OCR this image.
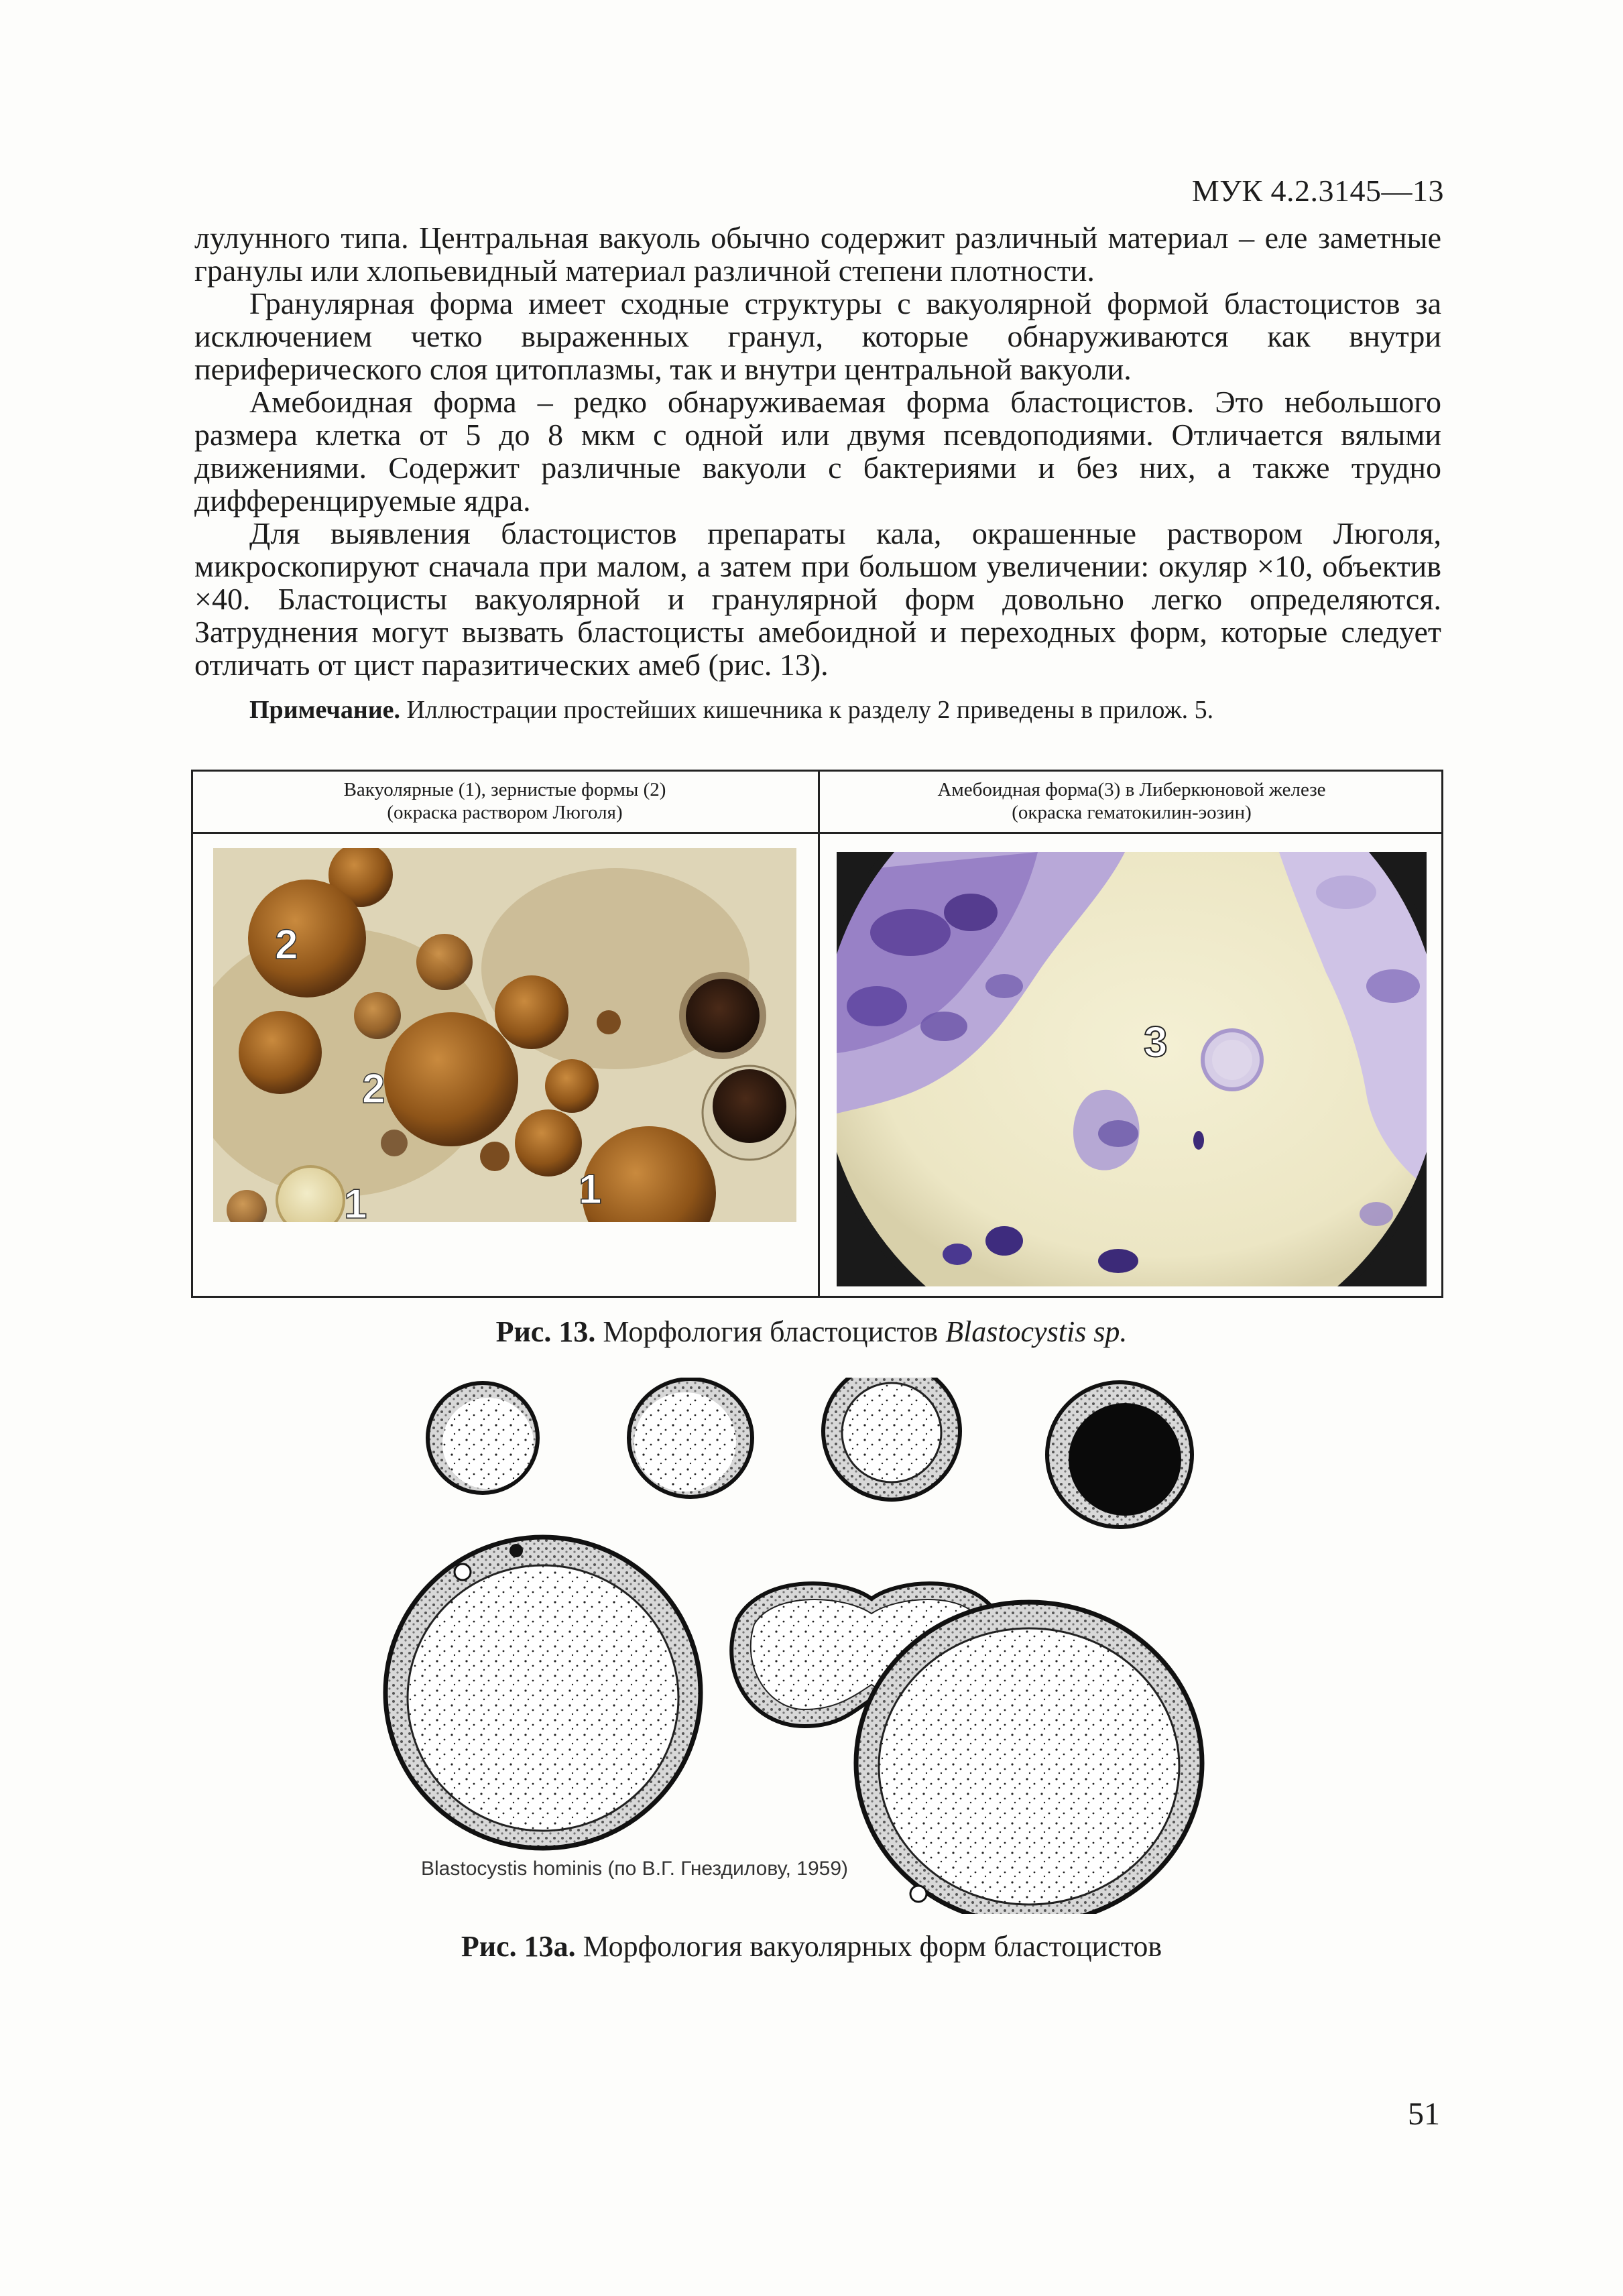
МУК 4.2.3145—13

лулунного типа. Центральная вакуоль обычно содержит различный материал – еле заметные гранулы или хлопьевидный материал различной степени плотности.

Гранулярная форма имеет сходные структуры с вакуолярной формой бластоцистов за исключением четко выраженных гранул, которые обнаруживаются как внутри периферического слоя цитоплазмы, так и внутри центральной вакуоли.

Амебоидная форма – редко обнаруживаемая форма бластоцистов. Это небольшого размера клетка от 5 до 8 мкм с одной или двумя псевдоподиями. Отличается вялыми движениями. Содержит различные вакуоли с бактериями и без них, а также трудно дифференцируемые ядра.

Для выявления бластоцистов препараты кала, окрашенные раствором Люголя, микроскопируют сначала при малом, а затем при большом увеличении: окуляр ×10, объектив ×40. Бластоцисты вакуолярной и гранулярной форм довольно легко определяются. Затруднения могут вызвать бластоцисты амебоидной и переходных форм, которые следует отличать от цист паразитических амеб (рис. 13).

Примечание. Иллюстрации простейших кишечника к разделу 2 приведены в прилож. 5.
Вакуолярные (1), зернистые формы (2)
(окраска раствором Люголя)
Амебоидная форма(3) в Либеркюновой железе
(окраска гематокилин-эозин)
2
2
1	1
3
Рис. 13. Морфология бластоцистов Blastocystis sp.
Blastocystis hominis (по В.Г. Гнездилову, 1959)
Рис. 13а. Морфология вакуолярных форм бластоцистов
51
